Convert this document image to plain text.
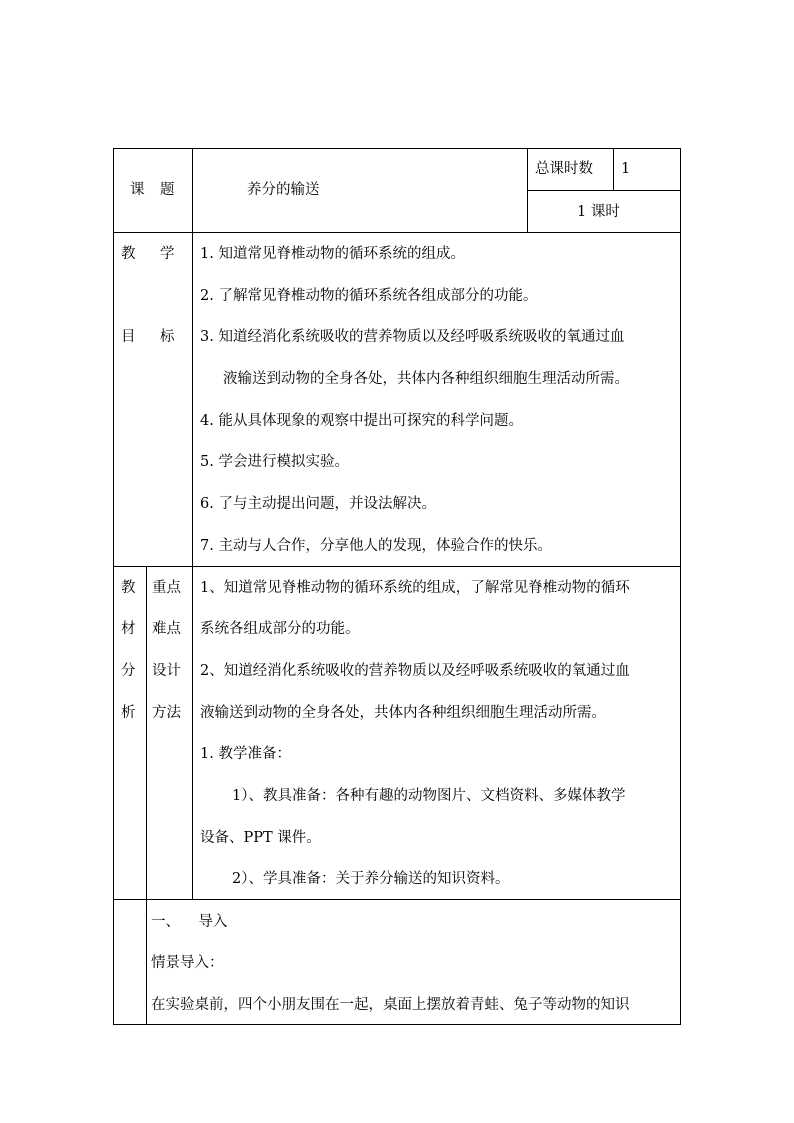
课 题	养分的输送
总课时数 1
1 课时
教 学
目 标
1. 知道常见脊椎动物的循环系统的组成。
2. 了解常见脊椎动物的循环系统各组成部分的功能。
3. 知道经消化系统吸收的营养物质以及经呼吸系统吸收的氧通过血
液输送到动物的全身各处，共体内各种组织细胞生理活动所需。
4. 能从具体现象的观察中提出可探究的科学问题。
5. 学会进行模拟实验。
6. 了与主动提出问题，并设法解决。
7. 主动与人合作，分享他人的发现，体验合作的快乐。
教
材
分
析
重点
难点
设计
方法
1、知道常见脊椎动物的循环系统的组成，了解常见脊椎动物的循环
系统各组成部分的功能。
2、知道经消化系统吸收的营养物质以及经呼吸系统吸收的氧通过血
液输送到动物的全身各处，共体内各种组织细胞生理活动所需。
1. 教学准备：
1）、教具准备：各种有趣的动物图片、文档资料、多媒体教学
设备、PPT 课件。
2）、学具准备：关于养分输送的知识资料。
一、    导入
情景导入：
在实验桌前，四个小朋友围在一起，桌面上摆放着青蛙、兔子等动物的知识
